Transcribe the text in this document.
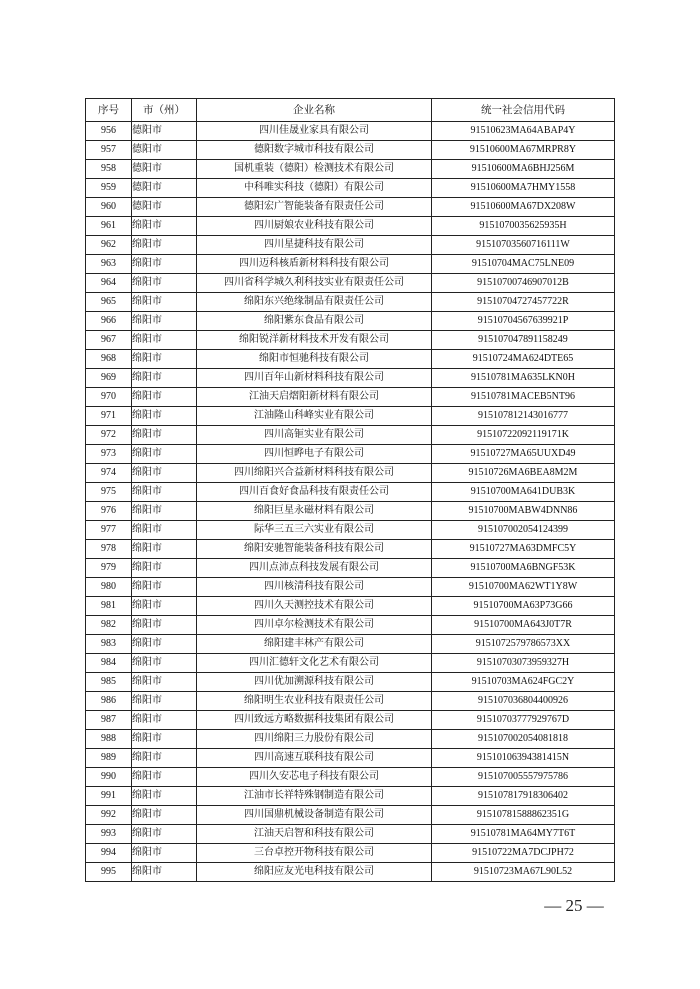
序号	市（州）	企业名称	统一社会信用代码
956	德阳市	四川佳晟业家具有限公司	91510623MA64ABAP4Y
957	德阳市	德阳数字城市科技有限公司	91510600MA67MRPR8Y
958	德阳市	国机重装（德阳）检测技术有限公司	91510600MA6BHJ256M
959	德阳市	中科唯实科技（德阳）有限公司	91510600MA7HMY1558
960	德阳市	德阳宏广智能装备有限责任公司	91510600MA67DX208W
961	绵阳市	四川厨娘农业科技有限公司	9151070035625935H
962	绵阳市	四川星捷科技有限公司	91510703560716111W
963	绵阳市	四川迈科核盾新材料科技有限公司	91510704MAC75LNE09
964	绵阳市	四川省科学城久利科技实业有限责任公司	91510700746907012B
965	绵阳市	绵阳东兴绝缘制品有限责任公司	91510704727457722R
966	绵阳市	绵阳紫东食品有限公司	91510704567639921P
967	绵阳市	绵阳锐洋新材料技术开发有限公司	915107047891158249
968	绵阳市	绵阳市恒驰科技有限公司	91510724MA624DTE65
969	绵阳市	四川百年山新材料科技有限公司	91510781MA635LKN0H
970	绵阳市	江油天启熠阳新材料有限公司	91510781MACEB5NT96
971	绵阳市	江油隆山科峰实业有限公司	915107812143016777
972	绵阳市	四川高钷实业有限公司	91510722092119171K
973	绵阳市	四川恒晔电子有限公司	91510727MA65UUXD49
974	绵阳市	四川绵阳兴合益新材料科技有限公司	91510726MA6BEA8M2M
975	绵阳市	四川百食好食品科技有限责任公司	91510700MA641DUB3K
976	绵阳市	绵阳巨星永磁材料有限公司	91510700MABW4DNN86
977	绵阳市	际华三五三六实业有限公司	915107002054124399
978	绵阳市	绵阳安驰智能装备科技有限公司	91510727MA63DMFC5Y
979	绵阳市	四川点沛点科技发展有限公司	91510700MA6BNGF53K
980	绵阳市	四川核清科技有限公司	91510700MA62WT1Y8W
981	绵阳市	四川久天测控技术有限公司	91510700MA63P73G66
982	绵阳市	四川卓尔检测技术有限公司	91510700MA643J0T7R
983	绵阳市	绵阳建丰林产有限公司	9151072579786573XX
984	绵阳市	四川汇德轩文化艺术有限公司	91510703073959327H
985	绵阳市	四川优加溯源科技有限公司	91510703MA624FGC2Y
986	绵阳市	绵阳明生农业科技有限责任公司	915107036804400926
987	绵阳市	四川致远方略数据科技集团有限公司	91510703777929767D
988	绵阳市	四川绵阳三力股份有限公司	915107002054081818
989	绵阳市	四川高速互联科技有限公司	91510106394381415N
990	绵阳市	四川久安芯电子科技有限公司	915107005557975786
991	绵阳市	江油市长祥特殊钢制造有限公司	915107817918306402
992	绵阳市	四川国鼎机械设备制造有限公司	91510781588862351G
993	绵阳市	江油天启智和科技有限公司	91510781MA64MY7T6T
994	绵阳市	三台卓控开物科技有限公司	91510722MA7DCJPH72
995	绵阳市	绵阳应友光电科技有限公司	91510723MA67L90L52
— 25 —
